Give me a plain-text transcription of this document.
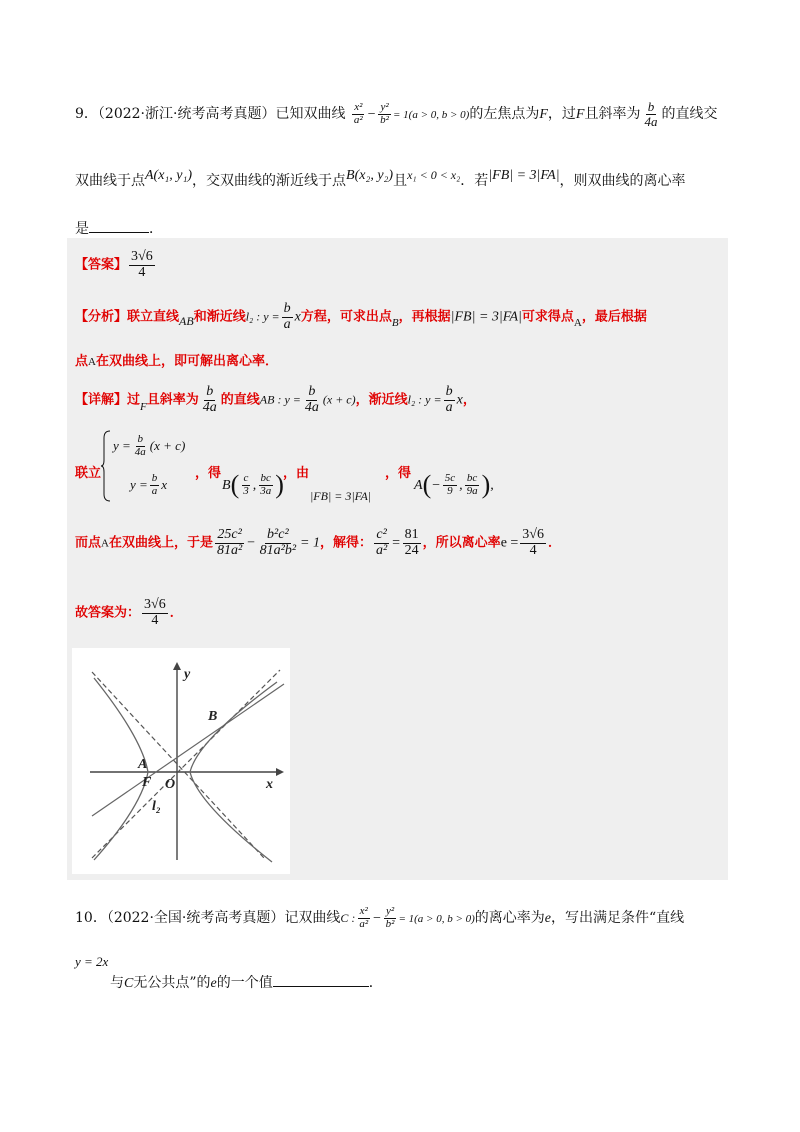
9．（2022·浙江·统考高考真题）已知双曲线 $\frac{\text{x²}}{\text{a²}} - \frac{\text{y²}}{\text{b²}} = 1(a > 0$, b > 0)的左焦点为F，过F且斜率为 $\frac{b}{4a}$ 的直线交
双曲线于点A(x₁, y₁)，交双曲线的渐近线于点B(x₂, y₂)且x₁ < 0 < x₂．若|FB| = 3|FA|，则双曲线的离心率
是	．
【答案】 $\frac{3√6}{4}$
【分析】联立直线AB和渐近线l₂ : $y = \frac{b}{a}$ x方程，可求出点$_B$，再根据|FB| = 3|FA|可求得点$_A$，最后根据
点A在双曲线上，即可解出离心率．
【详解】过$_F$且斜率为 $\frac{b}{4a}$ 的直线AB : $y = \frac{b}{4a} (x + c)$，渐近线l₂ : $y = \frac{b}{a}$ x，
联立
$y = \frac{b}{4a} (x + c)$
$y = \frac{b}{a}$ x
，得
$B( \frac{c}{3}$ , $\frac{bc}{3a}$ ) ，由
|FB| = 3|FA|
，得
$A(- \frac{5c}{9}$ , $\frac{bc}{9a}$ ),
而点A在双曲线上，于是 $\frac{\text{25c²}}{\text{81a²}} - \frac{\text{b²c²}}{\text{81a²b²}} = 1$，解得： $\frac{\text{c²}}{\text{a²}} = \frac{81}{24}$ ，所以离心率$e = \frac{3√6}{4}$ ．
故答案为： $\frac{3√6}{4}$ ．
y
x
B
A
F O
l₂
10．（2022·全国·统考高考真题）记双曲线C : $\frac{\text{x²}}{\text{a²}} - \frac{\text{y²}}{\text{b²}} = 1(a > 0$, b > 0)的离心率为e，写出满足条件“直线
y = 2x
与C无公共点”的e的一个值	．
